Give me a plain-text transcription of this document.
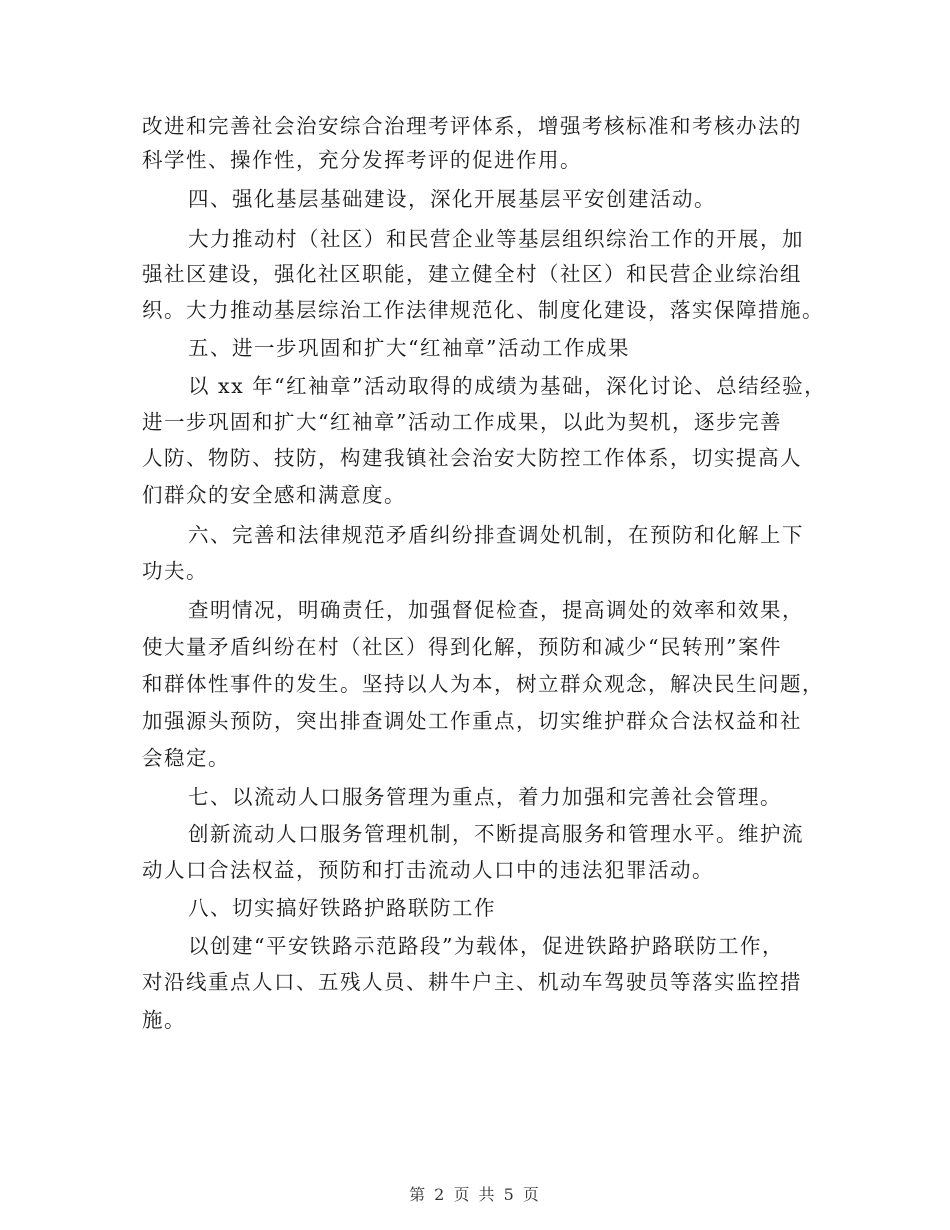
改进和完善社会治安综合治理考评体系，增强考核标准和考核办法的
科学性、操作性，充分发挥考评的促进作用。
四、强化基层基础建设，深化开展基层平安创建活动。
大力推动村（社区）和民营企业等基层组织综治工作的开展，加
强社区建设，强化社区职能，建立健全村（社区）和民营企业综治组
织。大力推动基层综治工作法律规范化、制度化建设，落实保障措施。
五、进一步巩固和扩大“红袖章”活动工作成果
以 xx 年“红袖章”活动取得的成绩为基础，深化讨论、总结经验，
进一步巩固和扩大“红袖章”活动工作成果，以此为契机，逐步完善
人防、物防、技防，构建我镇社会治安大防控工作体系，切实提高人
们群众的安全感和满意度。
六、完善和法律规范矛盾纠纷排查调处机制，在预防和化解上下
功夫。
查明情况，明确责任，加强督促检查，提高调处的效率和效果，
使大量矛盾纠纷在村（社区）得到化解，预防和减少“民转刑”案件
和群体性事件的发生。坚持以人为本，树立群众观念，解决民生问题，
加强源头预防，突出排查调处工作重点，切实维护群众合法权益和社
会稳定。
七、以流动人口服务管理为重点，着力加强和完善社会管理。
创新流动人口服务管理机制，不断提高服务和管理水平。维护流
动人口合法权益，预防和打击流动人口中的违法犯罪活动。
八、切实搞好铁路护路联防工作
以创建“平安铁路示范路段”为载体，促进铁路护路联防工作，
对沿线重点人口、五残人员、耕牛户主、机动车驾驶员等落实监控措
施。
第 2 页 共 5 页
